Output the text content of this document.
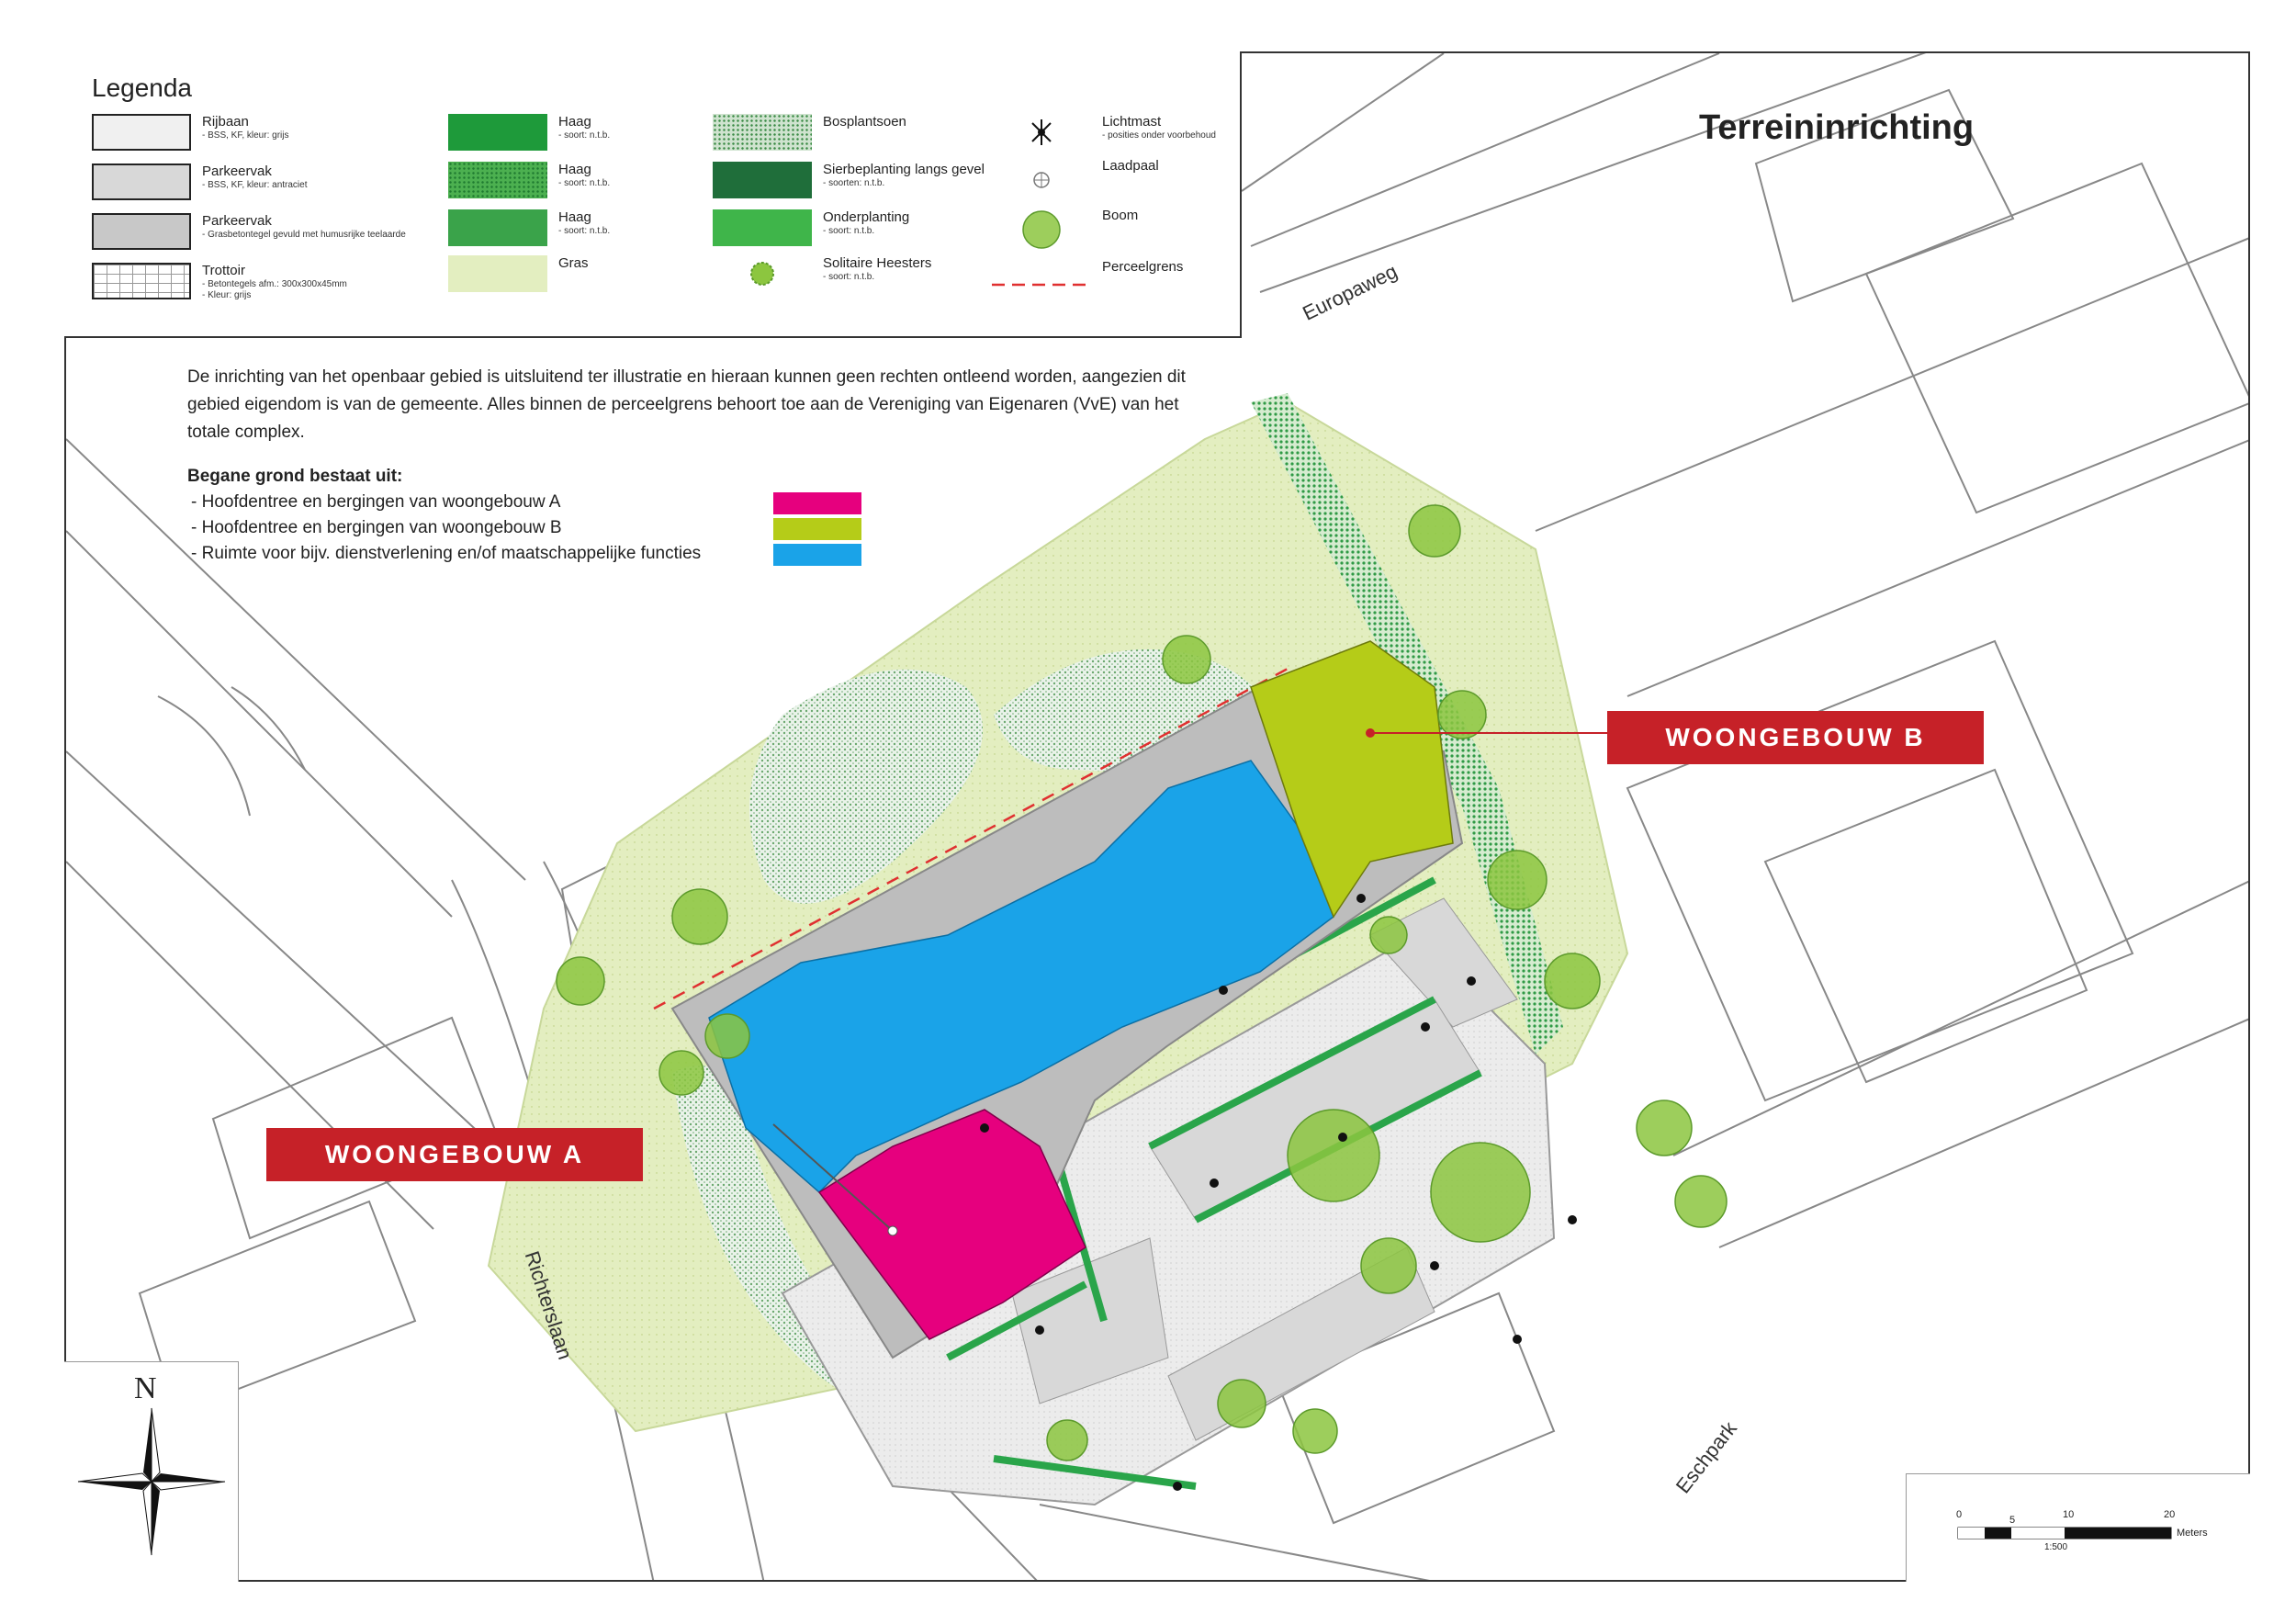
Legenda
Rijbaan
- BSS, KF, kleur: grijs
Parkeervak
- BSS, KF, kleur: antraciet
Parkeervak
- Grasbetontegel gevuld met humusrijke teelaarde
Trottoir
- Betontegels afm.: 300x300x45mm
- Kleur: grijs
Haag
- soort: n.t.b.
Haag
- soort: n.t.b.
Haag
- soort: n.t.b.
Gras
Bosplantsoen
Sierbeplanting langs gevel
- soorten: n.t.b.
Onderplanting
- soort: n.t.b.
Solitaire Heesters
- soort: n.t.b.
Lichtmast
- posities onder voorbehoud
Laadpaal
Boom
Perceelgrens
Terreininrichting
De inrichting van het openbaar gebied is uitsluitend ter illustratie en hieraan kunnen geen rechten ontleend worden, aangezien dit gebied eigendom is van de gemeente. Alles binnen de perceelgrens behoort toe aan de Vereniging van Eigenaren (VvE) van het totale complex.
Begane grond bestaat uit:
- Hoofdentree en bergingen van woongebouw A
- Hoofdentree en bergingen van woongebouw B
- Ruimte voor bijv. dienstverlening en/of maatschappelijke functies
WOONGEBOUW B
WOONGEBOUW A
Europaweg
Richterslaan
Eschpark
N
0	5	10	20
Meters
1:500
